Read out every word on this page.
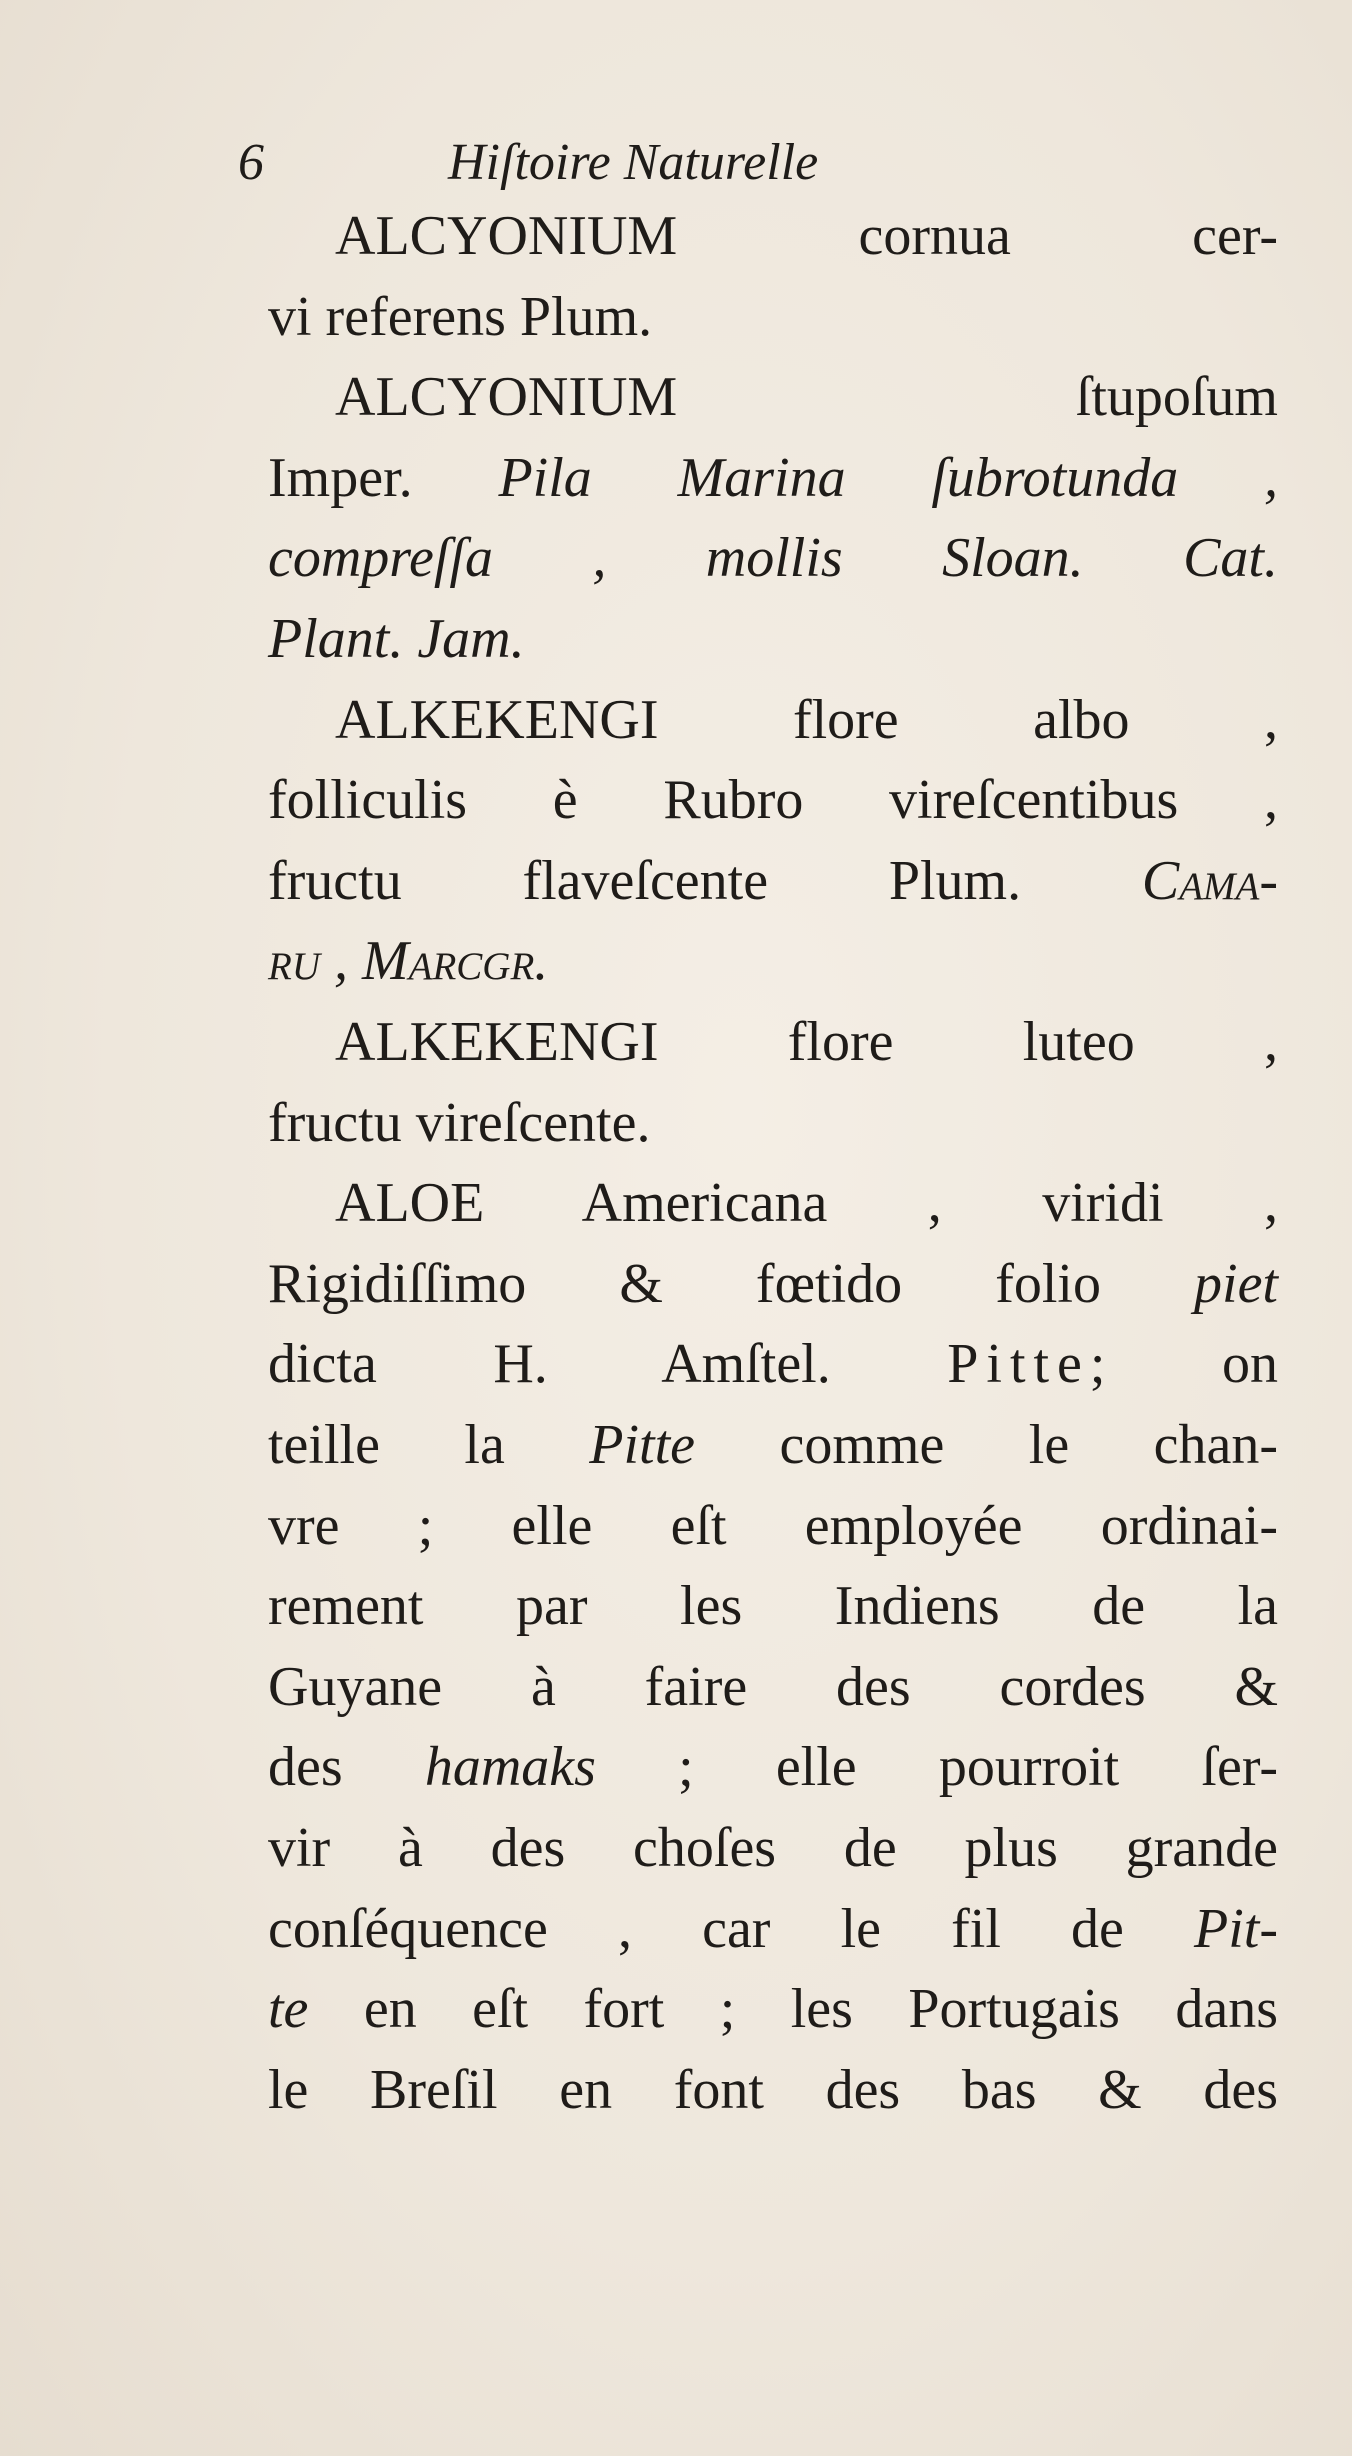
6	Hiſtoire Naturelle
ALCYONIUM cornua cer-
vi referens Plum.
ALCYONIUM ſtupoſum
Imper. Pila Marina ſubrotunda ,
compreſſa , mollis Sloan. Cat.
Plant. Jam.
ALKEKENGI flore albo ,
folliculis è Rubro vireſcentibus ,
fructu flaveſcente Plum. Cama-
ru , Marcgr.
ALKEKENGI flore luteo ,
fructu vireſcente.
ALOE Americana , viridi ,
Rigidiſſimo & fœtido folio piet
dicta H. Amſtel. Pitte; on
teille la Pitte comme le chan-
vre ; elle eſt employée ordinai-
rement par les Indiens de la
Guyane à faire des cordes &
des hamaks ; elle pourroit ſer-
vir à des choſes de plus grande
conſéquence , car le fil de Pit-
te en eſt fort ; les Portugais dans
le Breſil en font des bas & des
